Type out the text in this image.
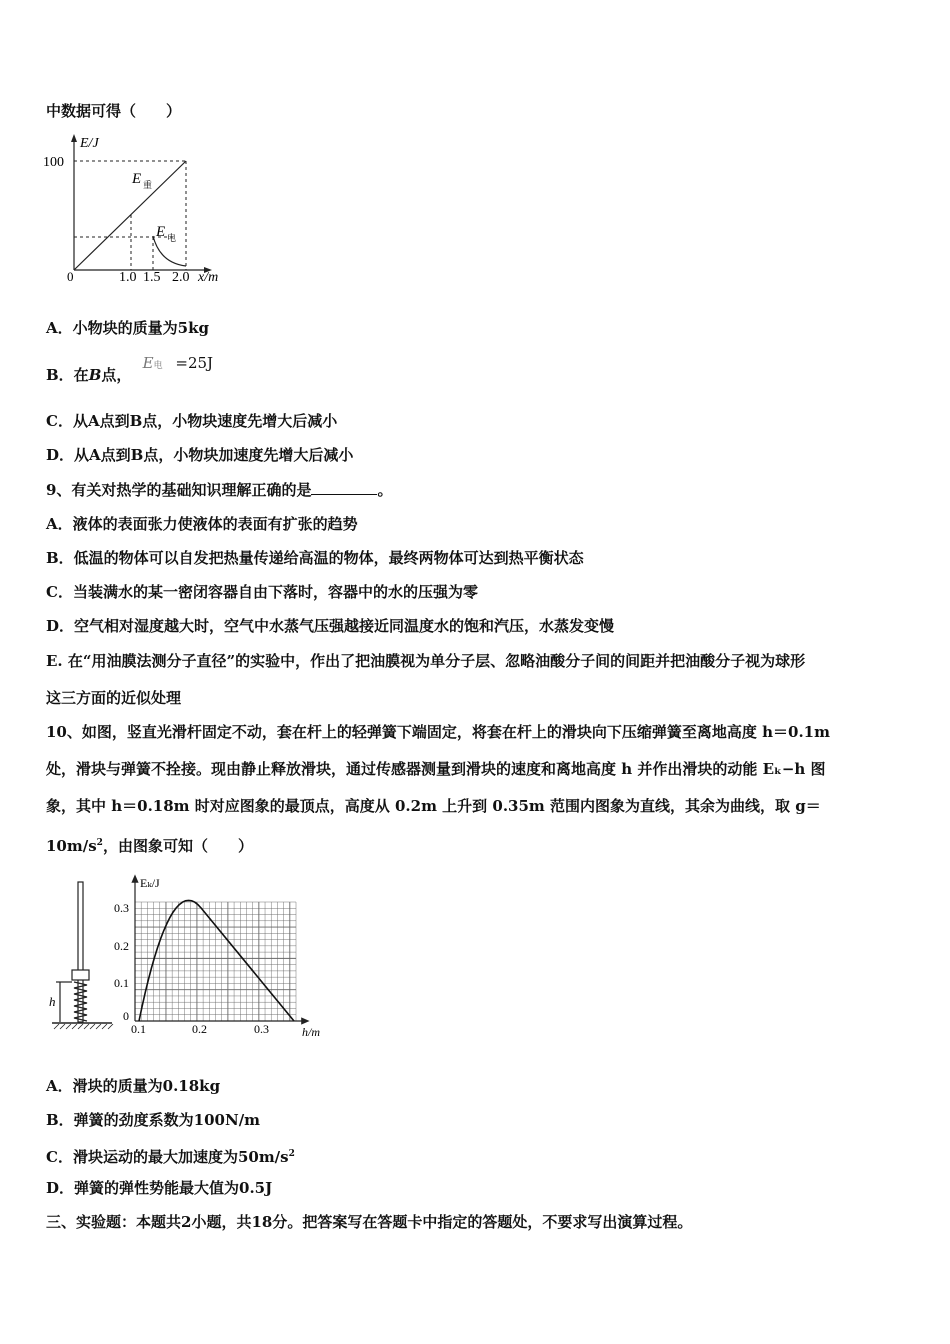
中数据可得（　　）
E/J
100
0	1.0 1.5 2.0 x/m
E 重
E 电
A．小物块的质量为5kg
B．在B点， E电 =25J
C．从A点到B点，小物块速度先增大后减小
D．从A点到B点，小物块加速度先增大后减小
9、有关对热学的基础知识理解正确的是	。
A．液体的表面张力使液体的表面有扩张的趋势
B．低温的物体可以自发把热量传递给高温的物体，最终两物体可达到热平衡状态
C．当装满水的某一密闭容器自由下落时，容器中的水的压强为零
D．空气相对湿度越大时，空气中水蒸气压强越接近同温度水的饱和汽压，水蒸发变慢
E. 在“用油膜法测分子直径”的实验中，作出了把油膜视为单分子层、忽略油酸分子间的间距并把油酸分子视为球形
这三方面的近似处理
10、如图，竖直光滑杆固定不动，套在杆上的轻弹簧下端固定，将套在杆上的滑块向下压缩弹簧至离地高度 h＝0.1m
处，滑块与弹簧不拴接。现由静止释放滑块，通过传感器测量到滑块的速度和离地高度 h 并作出滑块的动能 Eₖ−h 图
象，其中 h＝0.18m 时对应图象的最顶点，高度从 0.2m 上升到 0.35m 范围内图象为直线，其余为曲线，取 g＝
$10m/s^2$，由图象可知（　　）
h
Eₖ/J
0.3
0.2
0.1
0
0.1	0.2	0.3	h/m
A．滑块的质量为0.18kg
B．弹簧的劲度系数为100N/m
C．滑块运动的最大加速度为$50m/s^2$
D．弹簧的弹性势能最大值为0.5J
三、实验题：本题共2小题，共18分。把答案写在答题卡中指定的答题处，不要求写出演算过程。
